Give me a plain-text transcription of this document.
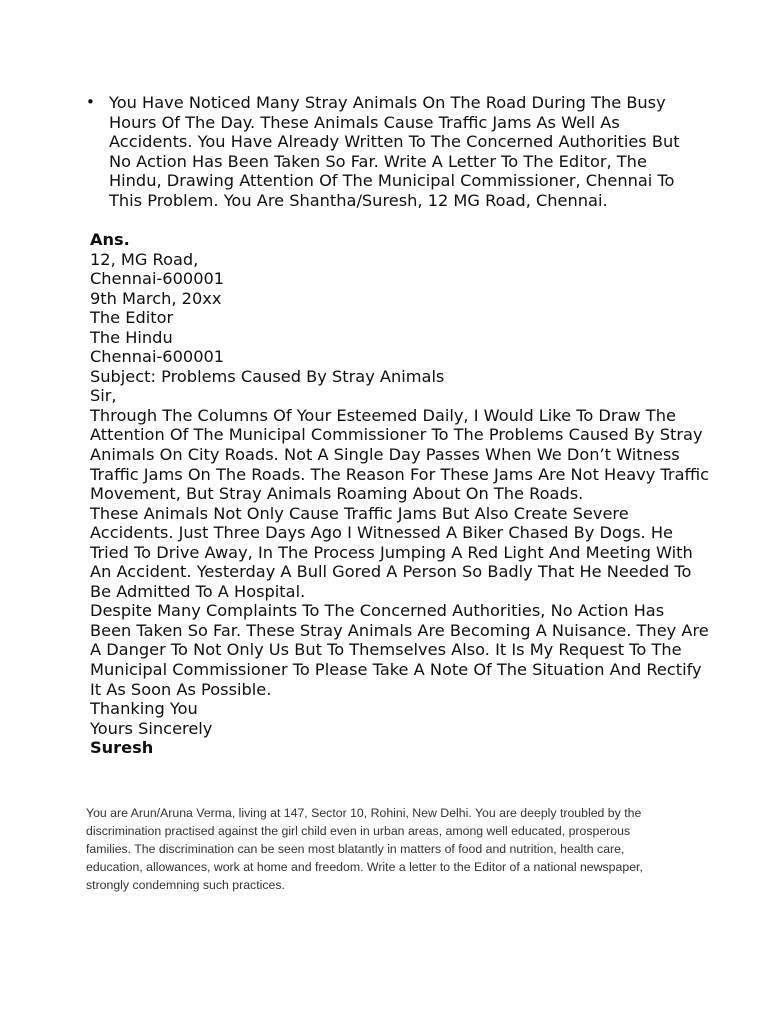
• You Have Noticed Many Stray Animals On The Road During The Busy Hours Of The Day. These Animals Cause Traffic Jams As Well As Accidents. You Have Already Written To The Concerned Authorities But No Action Has Been Taken So Far. Write A Letter To The Editor, The Hindu, Drawing Attention Of The Municipal Commissioner, Chennai To This Problem. You Are Shantha/Suresh, 12 MG Road, Chennai.
Ans.
12, MG Road,
Chennai-600001
9th March, 20xx
The Editor
The Hindu
Chennai-600001
Subject: Problems Caused By Stray Animals
Sir,
Through The Columns Of Your Esteemed Daily, I Would Like To Draw The Attention Of The Municipal Commissioner To The Problems Caused By Stray Animals On City Roads. Not A Single Day Passes When We Don’t Witness Traffic Jams On The Roads. The Reason For These Jams Are Not Heavy Traffic Movement, But Stray Animals Roaming About On The Roads.
These Animals Not Only Cause Traffic Jams But Also Create Severe Accidents. Just Three Days Ago I Witnessed A Biker Chased By Dogs. He Tried To Drive Away, In The Process Jumping A Red Light And Meeting With An Accident. Yesterday A Bull Gored A Person So Badly That He Needed To Be Admitted To A Hospital.
Despite Many Complaints To The Concerned Authorities, No Action Has Been Taken So Far. These Stray Animals Are Becoming A Nuisance. They Are A Danger To Not Only Us But To Themselves Also. It Is My Request To The Municipal Commissioner To Please Take A Note Of The Situation And Rectify It As Soon As Possible.
Thanking You
Yours Sincerely
Suresh

You are Arun/Aruna Verma, living at 147, Sector 10, Rohini, New Delhi. You are deeply troubled by the discrimination practised against the girl child even in urban areas, among well educated, prosperous families. The discrimination can be seen most blatantly in matters of food and nutrition, health care, education, allowances, work at home and freedom. Write a letter to the Editor of a national newspaper, strongly condemning such practices.
